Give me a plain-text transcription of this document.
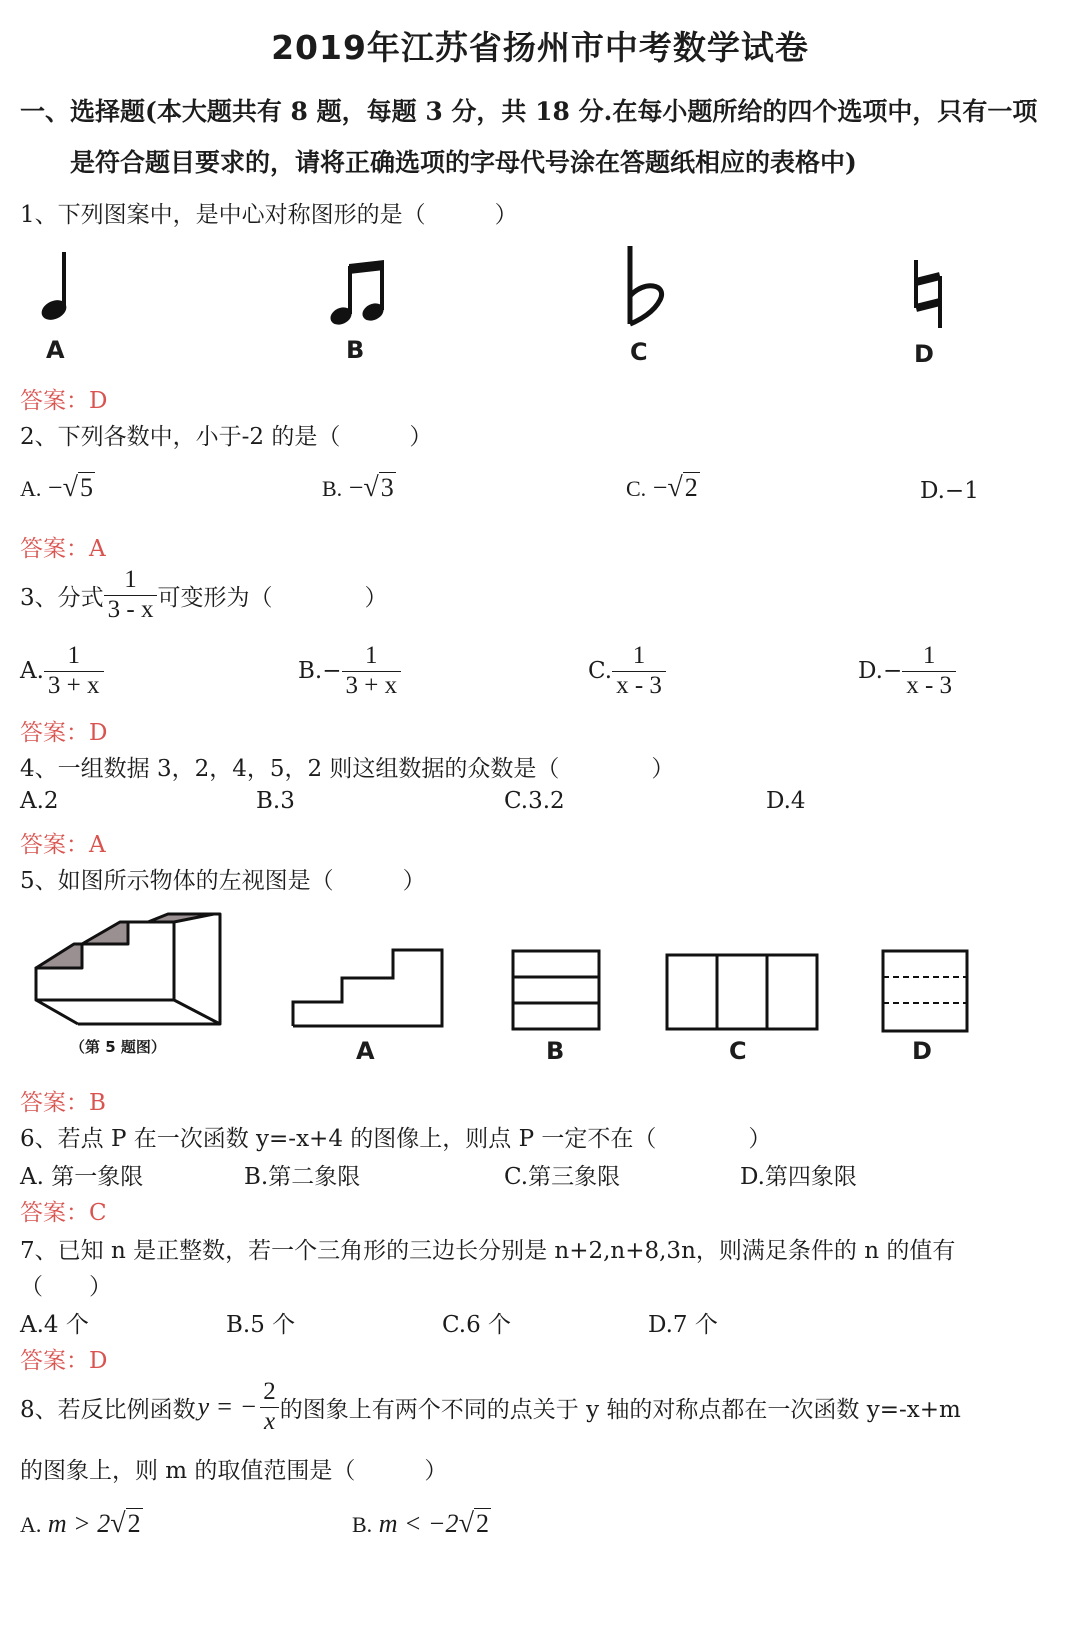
2019年江苏省扬州市中考数学试卷
一、选择题(本大题共有 8 题，每题 3 分，共 18 分.在每小题所给的四个选项中，只有一项
是符合题目要求的，请将正确选项的字母代号涂在答题纸相应的表格中)
1、下列图案中，是中心对称图形的是（　　　）
A	B	C	D
答案：D
2、下列各数中，小于-2 的是（　　　）
A. −√5	B. −√3	C. −√2	D.−1
答案：A
3、分式 $\frac{1}{3 - x}$ 可变形为（　　　　）
A. $\frac{1}{3 + x}$	B. − $\frac{1}{3 + x}$	C. $\frac{1}{x - 3}$	D. − $\frac{1}{x - 3}$
答案：D
4、一组数据 3，2，4，5，2 则这组数据的众数是（　　　　）
A.2	B.3	C.3.2	D.4
答案：A
5、如图所示物体的左视图是（　　　）
（第 5 题图）	A	B	C	D
答案：B
6、若点 P 在一次函数 y=-x+4 的图像上，则点 P 一定不在（　　　　）
A. 第一象限	B.第二象限	C.第三象限	D.第四象限
答案：C
7、已知 n 是正整数，若一个三角形的三边长分别是 n+2,n+8,3n，则满足条件的 n 的值有
（　　）
A.4 个	B.5 个	C.6 个	D.7 个
答案：D
8、若反比例函数 y = − $\frac{2}{x}$ 的图象上有两个不同的点关于 y 轴的对称点都在一次函数 y=-x+m
的图象上，则 m 的取值范围是（　　　）
A. m > 2√2	B. m < −2√2
